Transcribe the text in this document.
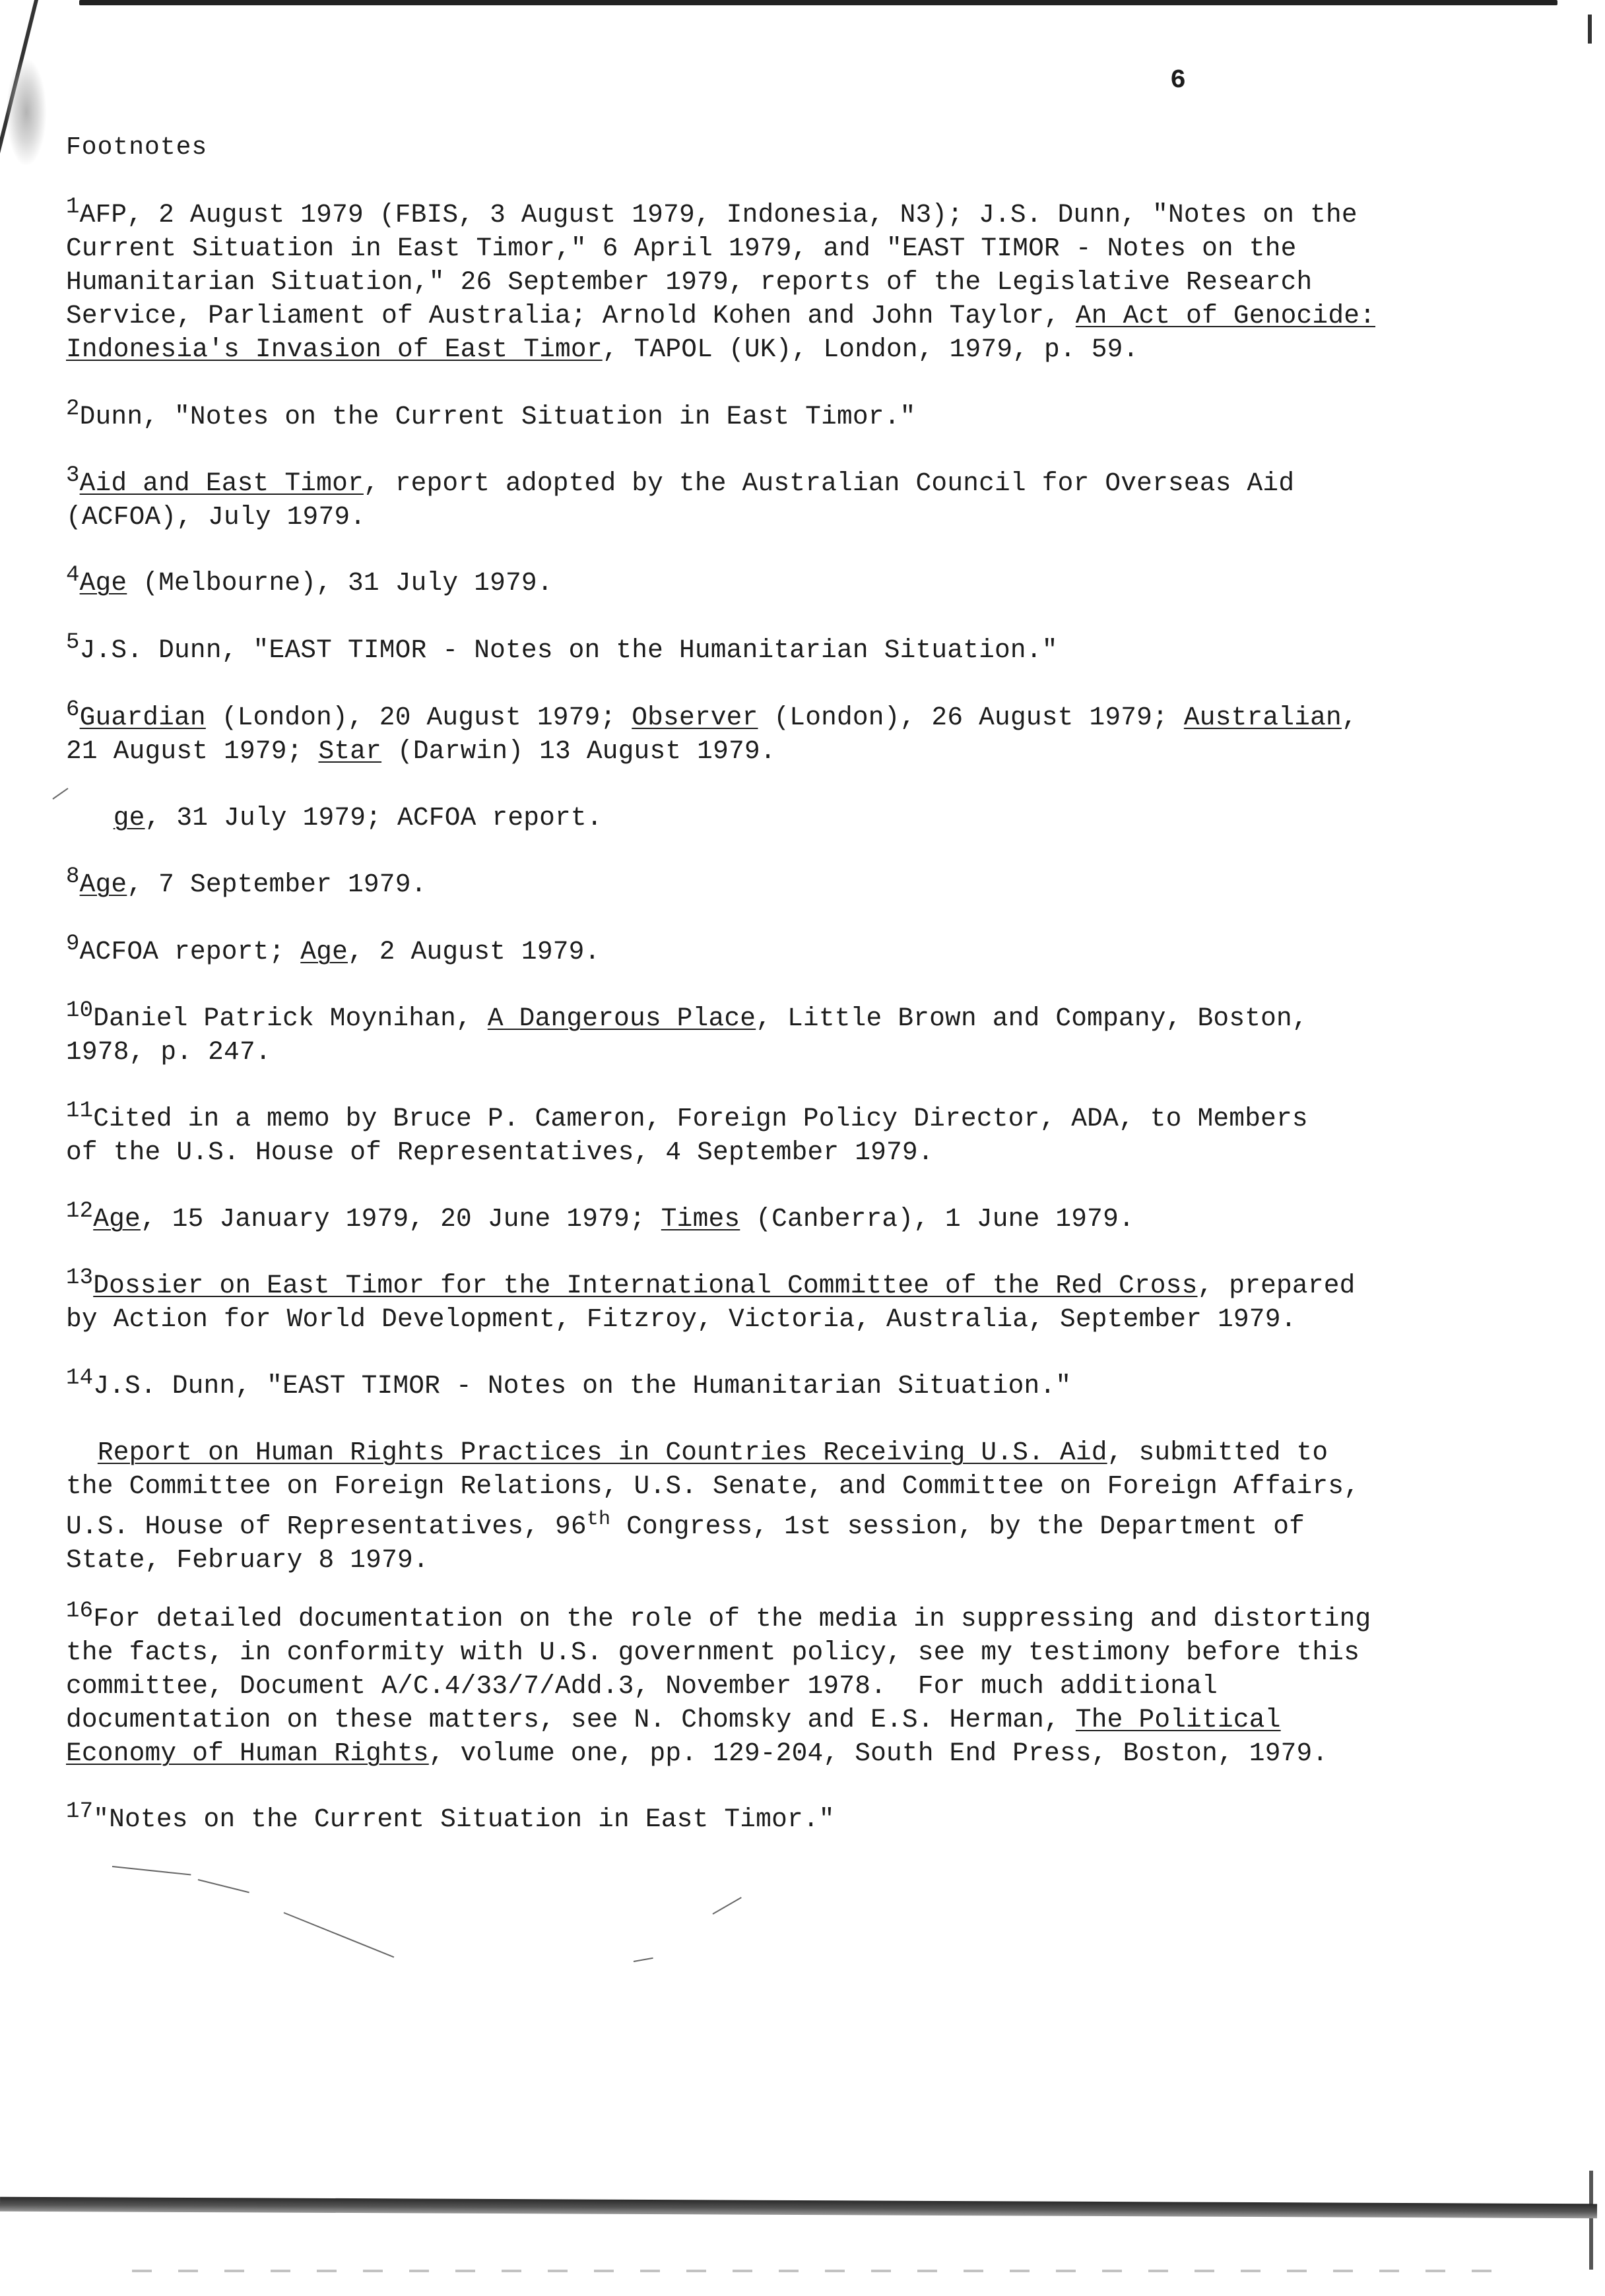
6
Footnotes
$^1$AFP, 2 August 1979 (FBIS, 3 August 1979, Indonesia, N3); J.S. Dunn, "Notes on the
Current Situation in East Timor," 6 April 1979, and "EAST TIMOR - Notes on the
Humanitarian Situation," 26 September 1979, reports of the Legislative Research
Service, Parliament of Australia; Arnold Kohen and John Taylor, An Act of Genocide:
Indonesia's Invasion of East Timor, TAPOL (UK), London, 1979, p. 59.
$^2$Dunn, "Notes on the Current Situation in East Timor."
$^3$Aid and East Timor, report adopted by the Australian Council for Overseas Aid
(ACFOA), July 1979.
$^4$Age (Melbourne), 31 July 1979.
$^5$J.S. Dunn, "EAST TIMOR - Notes on the Humanitarian Situation."
$^6$Guardian (London), 20 August 1979; Observer (London), 26 August 1979; Australian,
21 August 1979; Star (Darwin) 13 August 1979.
ge, 31 July 1979; ACFOA report.
$^8$Age, 7 September 1979.
$^9$ACFOA report; Age, 2 August 1979.
$^{10}$Daniel Patrick Moynihan, A Dangerous Place, Little Brown and Company, Boston,
1978, p. 247.
$^{11}$Cited in a memo by Bruce P. Cameron, Foreign Policy Director, ADA, to Members
of the U.S. House of Representatives, 4 September 1979.
$^{12}$Age, 15 January 1979, 20 June 1979; Times (Canberra), 1 June 1979.
$^{13}$Dossier on East Timor for the International Committee of the Red Cross, prepared
by Action for World Development, Fitzroy, Victoria, Australia, September 1979.
$^{14}$J.S. Dunn, "EAST TIMOR - Notes on the Humanitarian Situation."
Report on Human Rights Practices in Countries Receiving U.S. Aid, submitted to
the Committee on Foreign Relations, U.S. Senate, and Committee on Foreign Affairs,
U.S. House of Representatives, 96th Congress, 1st session, by the Department of
State, February 8 1979.
$^{16}$For detailed documentation on the role of the media in suppressing and distorting
the facts, in conformity with U.S. government policy, see my testimony before this
committee, Document A/C.4/33/7/Add.3, November 1978.  For much additional
documentation on these matters, see N. Chomsky and E.S. Herman, The Political
Economy of Human Rights, volume one, pp. 129-204, South End Press, Boston, 1979.
$^{17}$"Notes on the Current Situation in East Timor."
